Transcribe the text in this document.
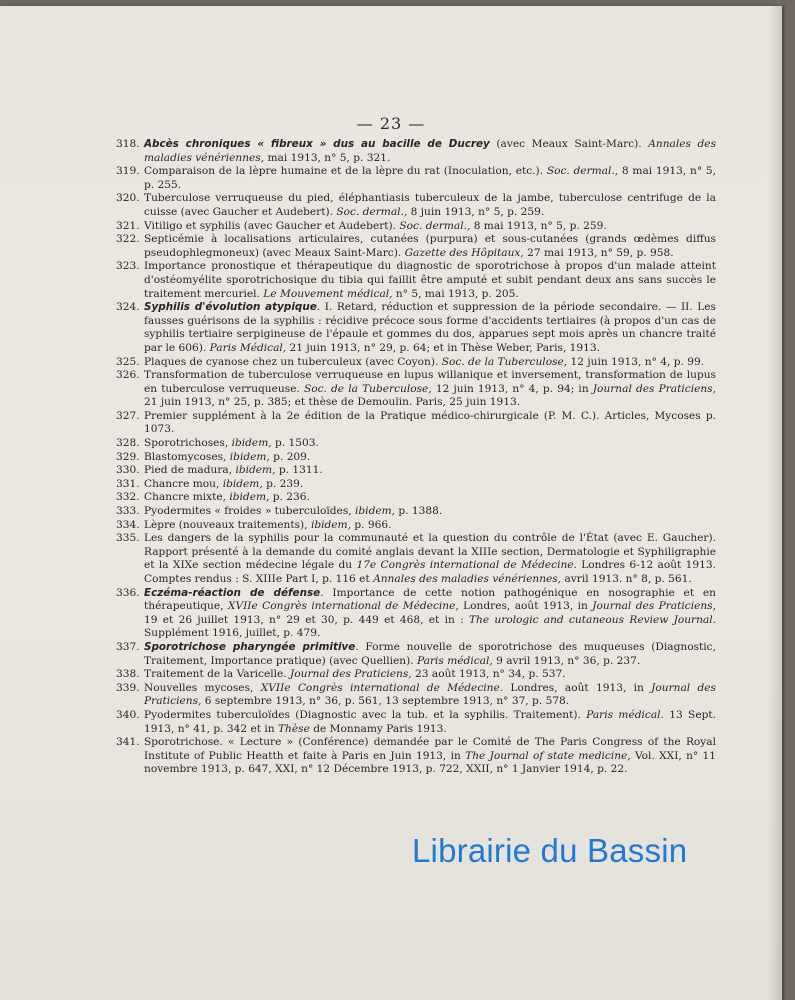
— 23 —
318. Abcès chroniques « fibreux » dus au bacille de Ducrey (avec Meaux Saint-Marc). Annales des maladies vénériennes, mai 1913, n° 5, p. 321.
319. Comparaison de la lèpre humaine et de la lèpre du rat (Inoculation, etc.). Soc. dermal., 8 mai 1913, n° 5, p. 255.
320. Tuberculose verruqueuse du pied, éléphantiasis tuberculeux de la jambe, tuberculose centrifuge de la cuisse (avec Gaucher et Audebert). Soc. dermal., 8 juin 1913, n° 5, p. 259.
321. Vitiligo et syphilis (avec Gaucher et Audebert). Soc. dermal., 8 mai 1913, n° 5, p. 259.
322. Septicémie à localisations articulaires, cutanées (purpura) et sous-cutanées (grands œdèmes diffus pseudophlegmoneux) (avec Meaux Saint-Marc). Gazette des Hôpitaux, 27 mai 1913, n° 59, p. 958.
323. Importance pronostique et thérapeutique du diagnostic de sporotrichose à propos d'un malade atteint d'ostéomyélite sporotrichosique du tibia qui faillit être amputé et subit pendant deux ans sans succès le traitement mercuriel. Le Mouvement médical, n° 5, mai 1913, p. 205.
324. Syphilis d'évolution atypique. I. Retard, réduction et suppression de la période secondaire. — II. Les fausses guérisons de la syphilis : récidive précoce sous forme d'accidents tertiaires (à propos d'un cas de syphilis tertiaire serpigineuse de l'épaule et gommes du dos, apparues sept mois après un chancre traité par le 606). Paris Médical, 21 juin 1913, n° 29, p. 64; et in Thèse Weber, Paris, 1913.
325. Plaques de cyanose chez un tuberculeux (avec Coyon). Soc. de la Tuberculose, 12 juin 1913, n° 4, p. 99.
326. Transformation de tuberculose verruqueuse en lupus willanique et inversement, transformation de lupus en tuberculose verruqueuse. Soc. de la Tuberculose, 12 juin 1913, n° 4, p. 94; in Journal des Praticiens, 21 juin 1913, n° 25, p. 385; et thèse de Demoulin. Paris, 25 juin 1913.
327. Premier supplément à la 2e édition de la Pratique médico-chirurgicale (P. M. C.). Articles, Mycoses p. 1073.
328. Sporotrichoses, ibidem, p. 1503.
329. Blastomycoses, ibidem, p. 209.
330. Pied de madura, ibidem, p. 1311.
331. Chancre mou, ibidem, p. 239.
332. Chancre mixte, ibidem, p. 236.
333. Pyodermites « froides » tuberculoïdes, ibidem, p. 1388.
334. Lèpre (nouveaux traitements), ibidem, p. 966.
335. Les dangers de la syphilis pour la communauté et la question du contrôle de l'État (avec E. Gaucher). Rapport présenté à la demande du comité anglais devant la XIIIe section, Dermatologie et Syphiligraphie et la XIXe section médecine légale du 17e Congrès international de Médecine. Londres 6-12 août 1913. Comptes rendus : S. XIIIe Part I, p. 116 et Annales des maladies vénériennes, avril 1913. n° 8, p. 561.
336. Eczéma-réaction de défense. Importance de cette notion pathogénique en nosographie et en thérapeutique, XVIIe Congrès international de Médecine, Londres, août 1913, in Journal des Praticiens, 19 et 26 juillet 1913, n° 29 et 30, p. 449 et 468, et in : The urologic and cutaneous Review Journal. Supplément 1916, juillet, p. 479.
337. Sporotrichose pharyngée primitive. Forme nouvelle de sporotrichose des muqueuses (Diagnostic, Traitement, Importance pratique) (avec Quellien). Paris médical, 9 avril 1913, n° 36, p. 237.
338. Traitement de la Varicelle. Journal des Praticiens, 23 août 1913, n° 34, p. 537.
339. Nouvelles mycoses, XVIIe Congrès international de Médecine. Londres, août 1913, in Journal des Praticiens, 6 septembre 1913, n° 36, p. 561, 13 septembre 1913, n° 37, p. 578.
340. Pyodermites tuberculoïdes (Diagnostic avec la tub. et la syphilis. Traitement). Paris médical. 13 Sept. 1913, n° 41, p. 342 et in Thèse de Monnamy Paris 1913.
341. Sporotrichose. « Lecture » (Conférence) demandée par le Comité de The Paris Congress of the Royal Institute of Public Heatth et faite à Paris en Juin 1913, in The Journal of state medicine, Vol. XXI, n° 11 novembre 1913, p. 647, XXI, n° 12 Décembre 1913, p. 722, XXII, n° 1 Janvier 1914, p. 22.
Librairie du Bassin
